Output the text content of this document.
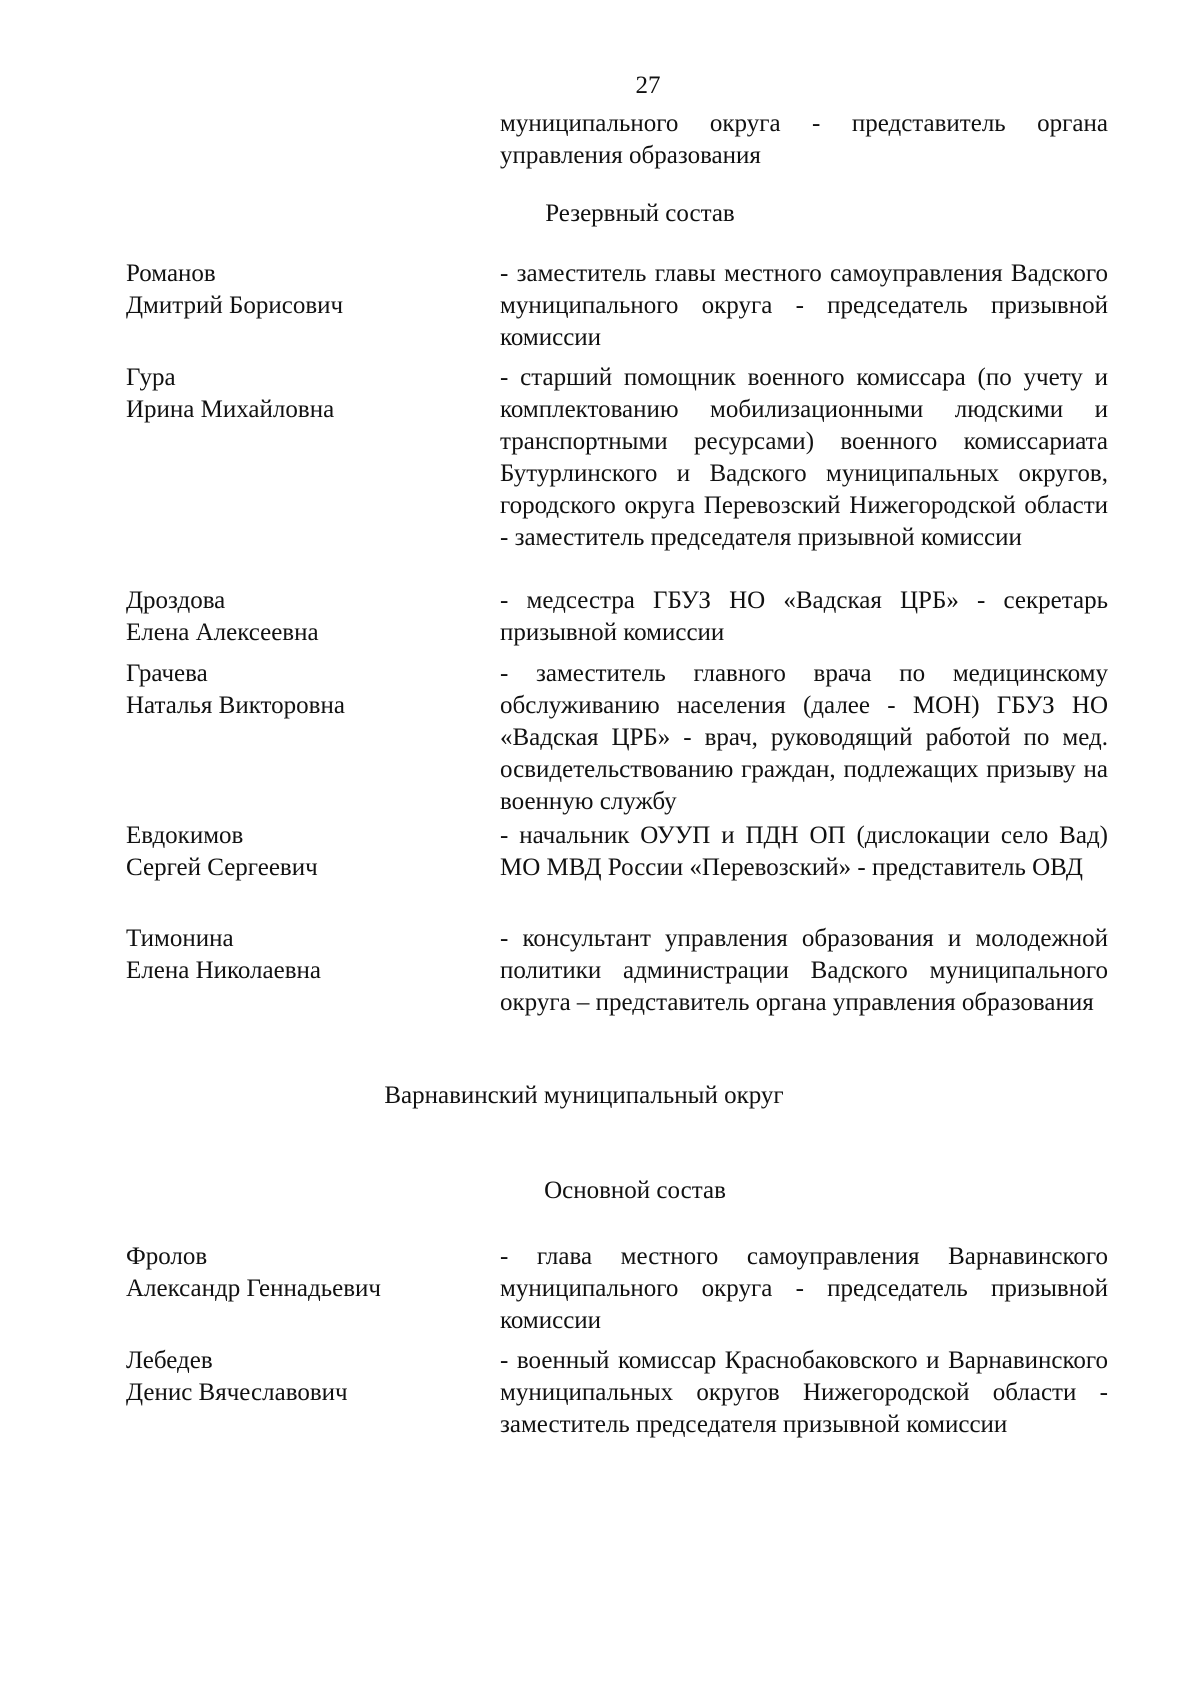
27
муниципального округа - представитель органа управления образования
Резервный состав
Романов
Дмитрий Борисович
- заместитель главы местного самоуправления Вадского муниципального округа - председатель призывной комиссии
Гура
Ирина Михайловна
- старший помощник военного комиссара (по учету и комплектованию мобилизационными людскими и транспортными ресурсами) военного комиссариата Бутурлинского и Вадского муниципальных округов, городского округа Перевозский Нижегородской области - заместитель председателя призывной комиссии
Дроздова
Елена Алексеевна
- медсестра ГБУЗ НО «Вадская ЦРБ» - секретарь призывной комиссии
Грачева
Наталья Викторовна
- заместитель главного врача по медицинскому обслуживанию населения (далее - МОН) ГБУЗ НО «Вадская ЦРБ» - врач, руководящий работой по мед. освидетельствованию граждан, подлежащих призыву на военную службу
Евдокимов
Сергей Сергеевич
- начальник ОУУП и ПДН ОП (дислокации село Вад) МО МВД России «Перевозский» - представитель ОВД
Тимонина
Елена Николаевна
- консультант управления образования и молодежной политики администрации Вадского муниципального округа – представитель органа управления образования
Варнавинский муниципальный округ
Основной состав
Фролов
Александр Геннадьевич
- глава местного самоуправления Варнавинского муниципального округа - председатель призывной комиссии
Лебедев
Денис Вячеславович
- военный комиссар Краснобаковского и Варнавинского муниципальных округов Нижегородской области - заместитель председателя призывной комиссии
